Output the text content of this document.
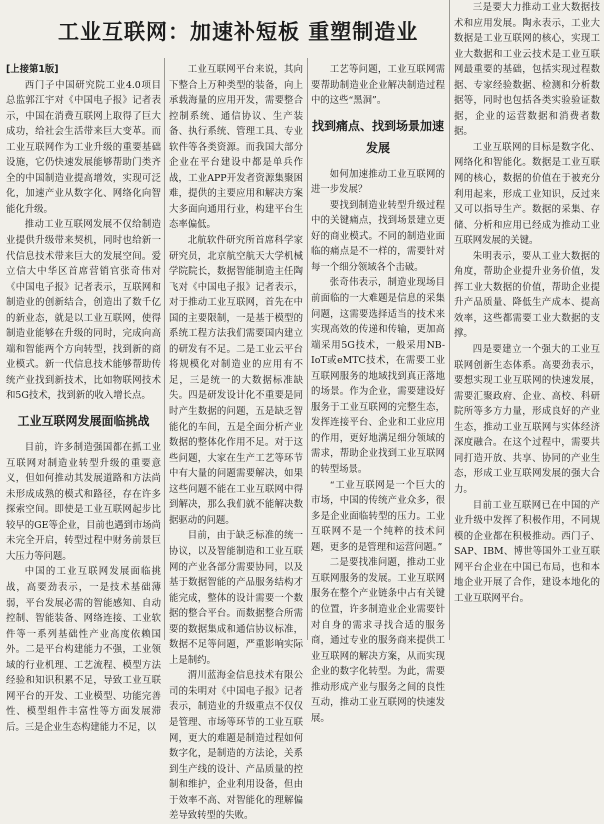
工业互联网：加速补短板 重塑制造业

[上接第1版]

西门子中国研究院工业4.0项目总监郭江宇对《中国电子报》记者表示，中国在消费互联网上取得了巨大成功，给社会生活带来巨大变革。而工业互联网作为工业升级的重要基础设施，它仍快速发展能够帮助门类齐全的中国制造业提高增效，实现可泛化，加速产业从数字化、网络化向智能化升级。

推动工业互联网发展不仅给制造业提供升级带来契机，同时也给新一代信息技术带来巨大的发展空间。爱立信大中华区首席营销官张奇伟对《中国电子报》记者表示，互联网和制造业的创新结合，创造出了数千亿的新业态，就是以工业互联网，使得制造业能够在升级的同时，完成向高端和智能两个方向转型，找到新的商业模式。新一代信息技术能够帮助传统产业找到新技术，比如物联网技术和5G技术，找到新的收入增长点。

工业互联网发展面临挑战

目前，许多制造强国都在抓工业互联网对制造业转型升级的重要意义，但如何推动其发展道路和方法尚未形成成熟的模式和路径，存在许多探索空间。即使是工业互联网起步比较早的GE等企业，目前也遇到市场尚未完全开启，转型过程中财务前景巨大压力等问题。

中国的工业互联网发展面临挑战，高要劲表示，一是技术基础薄弱，平台发展必需的智能感知、自动控制、智能装备、网络连接、工业软件等一系列基础性产业高度依赖国外。二是平台构建能力不强，工业领域的行业机理、工艺流程、模型方法经验和知识积累不足，导致工业互联网平台的开发、工业模型、功能完善性、模型组件丰富性等方面发展滞后。三是企业生态构建能力不足，以

工业互联网平台来说，其向下整合上万种类型的装备，向上承载海量的应用开发，需要整合控制系统、通信协议、生产装备、执行系统、管理工具、专业软件等各类资源。而我国大部分企业在平台建设中都是单兵作战，工业APP开发者资源集聚困难，提供的主要应用和解决方案大多面向通用行业，构建平台生态率偏低。

北航软件研究所首席科学家研究员，北京航空航天大学机械学院院长，数据智能制造主任陶飞对《中国电子报》记者表示，对于推动工业互联网，首先在中国的主要限制，一是基于模型的系统工程方法我们需要国内建立的研发有不足。二是工业云平台将规模化对制造业的应用有不足，三是统一的大数据标准缺失。四是研发设计化不重要是同时产生数据的问题，五是缺乏智能化的车间，五是全面分析产业数据的整体化作用不足。对于这些问题，大家在生产工艺等环节中有大量的问题需要解决，如果这些问题不能在工业互联网中得到解决，那么我们就不能解决数据驱动的问题。

目前，由于缺乏标准的统一协议，以及智能制造和工业互联网的产业各部分需要协同，以及基于数据智能的产品服务结构才能完成，整体的设计需要一个数据的整合平台。而数据整合所需要的数据集成和通信协议标准，数据不足等问题，严重影响实际上是制约。

渭川蓝海金信息技术有限公司的朱明对《中国电子报》记者表示，制造业的升级重点不仅仅是管理、市场等环节的工业互联网，更大的难题是制造过程如何数字化，是制造的方法论，关系到生产线的设计、产品质量的控制和维护，企业利用设备，但由于效率不高、对智能化的理解偏差导致转型的失败。

工艺等问题，工业互联网需要帮助制造业企业解决制造过程中的这些“黑洞”。

找到痛点、找到场景加速发展

如何加速推动工业互联网的进一步发展？

要找到制造业转型升级过程中的关键痛点，找到场景建立更好的商业模式。不同的制造业面临的痛点是不一样的，需要针对每一个细分领域各个击破。

张奇伟表示，制造业现场目前面临的一大难题是信息的采集问题，这需要选择适当的技术来实现高效的传递和传输，更加高端采用5G技术，一般采用NB-IoT或eMTC技术，在需要工业互联网服务的地域找到真正落地的场景。作为企业，需要建设好服务于工业互联网的完整生态，发挥连接平台、企业和工业应用的作用，更好地满足细分领域的需求，帮助企业找到工业互联网的转型场景。

“工业互联网是一个巨大的市场，中国的传统产业众多，很多是企业面临转型的压力。工业互联网不是一个纯粹的技术问题，更多的是管理和运营问题。”

二是要找准问题，推动工业互联网服务的发展。工业互联网服务在整个产业链条中占有关键的位置，许多制造业企业需要针对自身的需求寻找合适的服务商，通过专业的服务商来提供工业互联网的解决方案，从而实现企业的数字化转型。为此，需要推动形成产业与服务之间的良性互动，推动工业互联网的快速发展。

三是要大力推动工业大数据技术和应用发展。陶永表示，工业大数据是工业互联网的核心，实现工业大数据和工业云技术是工业互联网最重要的基础，包括实现过程数据、专家经验数据、检测和分析数据等，同时也包括各类实验验证数据，企业的运营数据和消费者数据。

工业互联网的目标是数字化、网络化和智能化。数据是工业互联网的核心，数据的价值在于被充分利用起来，形成工业知识，反过来又可以指导生产。数据的采集、存储、分析和应用已经成为推动工业互联网发展的关键。

朱明表示，要从工业大数据的角度，帮助企业提升业务价值，发挥工业大数据的价值，帮助企业提升产品质量、降低生产成本、提高效率，这些都需要工业大数据的支撑。

四是要建立一个强大的工业互联网创新生态体系。高要劲表示，要想实现工业互联网的快速发展，需要汇聚政府、企业、高校、科研院所等多方力量，形成良好的产业生态，推动工业互联网与实体经济深度融合。在这个过程中，需要共同打造开放、共享、协同的产业生态，形成工业互联网发展的强大合力。

目前工业互联网已在中国的产业升级中发挥了积极作用，不同规模的企业都在积极推动。西门子、SAP、IBM、博世等国外工业互联网平台企业在中国已布局，也和本地企业开展了合作，建设本地化的工业互联网平台。
